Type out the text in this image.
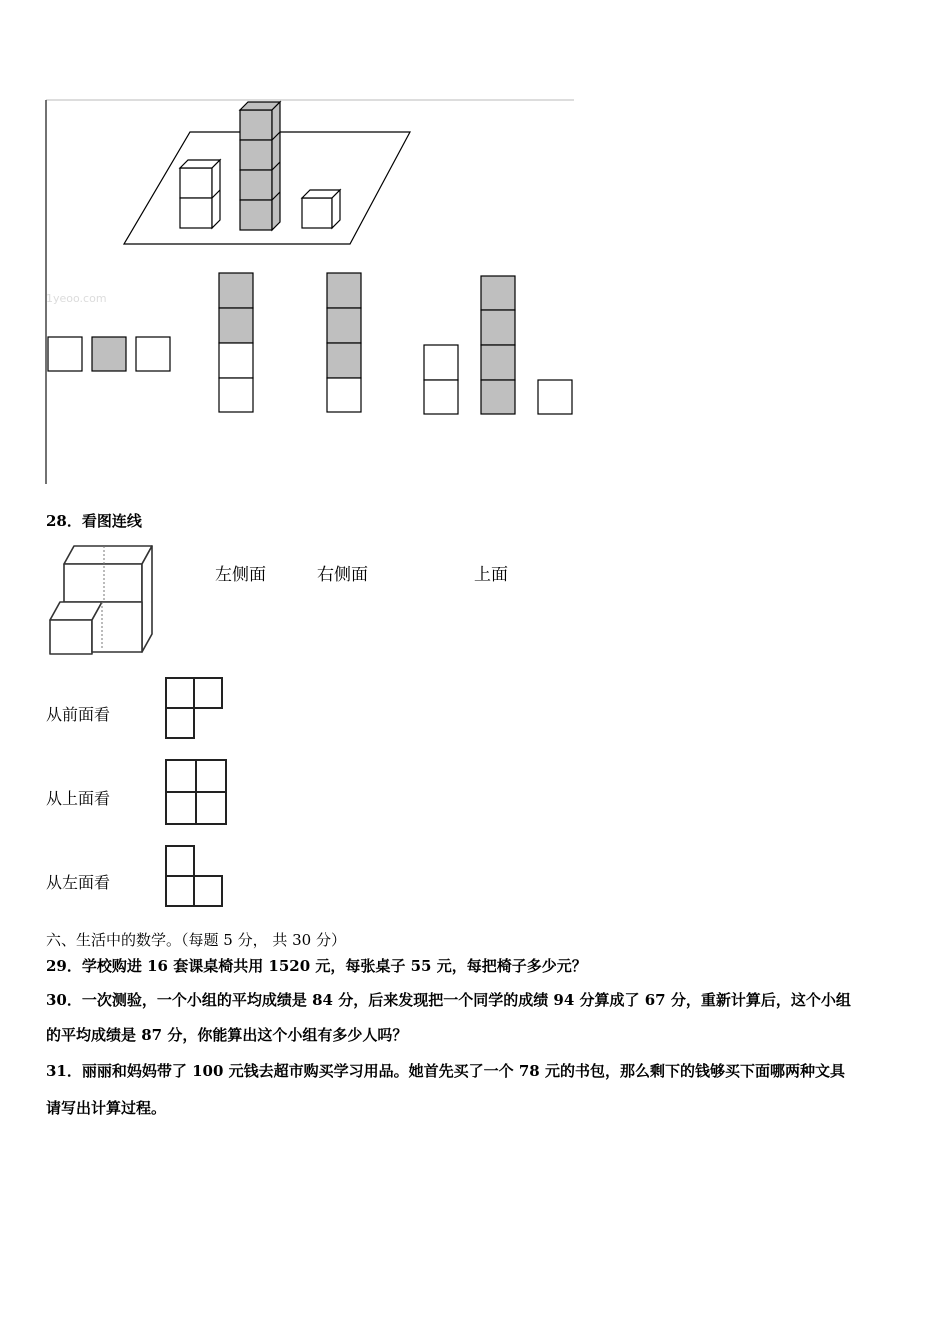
1yeoo.com
左侧面	右侧面	上面
28．看图连线
从前面看
从上面看
从左面看
六、生活中的数学。（每题 5 分， 共 30 分）
29．学校购进 16 套课桌椅共用 1520 元，每张桌子 55 元，每把椅子多少元？
30．一次测验，一个小组的平均成绩是 84 分，后来发现把一个同学的成绩 94 分算成了 67 分，重新计算后，这个小组
的平均成绩是 87 分，你能算出这个小组有多少人吗？
31．丽丽和妈妈带了 100 元钱去超市购买学习用品。她首先买了一个 78 元的书包，那么剩下的钱够买下面哪两种文具
请写出计算过程。
